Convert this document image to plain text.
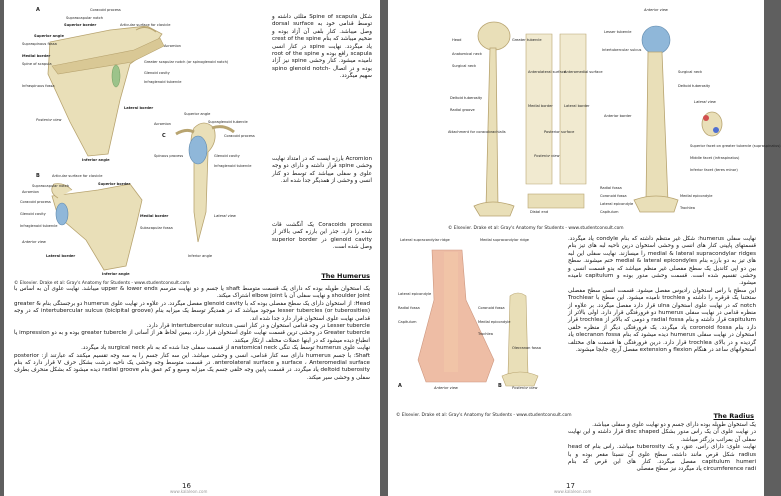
A	Coracoid process
Suprascapular notch
Superior border	Articular surface for clavicle
Superior angle
Supraspinous fossa
Medial border
Spine of scapula
Acromion
Greater scapular notch (or spinoglenoid notch)
Glenoid cavity
Infraglenoid tubercle
Infraspinous fossa
Lateral border
Posterior view
Inferior angle
C
Superior angle
Supraglenoid tubercle
Acromion
Coracoid process
Spinous process	Glenoid cavity
Infraglenoid tubercle
Lateral view
Inferior angle
B	Articular surface for clavicle
Superior border
Acromion
Suprascapular notch
Coracoid process
Glenoid cavity
Infraglenoid tubercle
Medial border
Subscapular fossa
Lateral border
Anterior view
Inferior angle
© Elsevier. Drake et al: Gray's Anatomy for Students - www.studentconsult.com
شکل Spine of scapula مثلثی داشته و توسط قدامی خود به dorsal surface وصل میباشد. کنار بلفی آن آزاد بوده و ضخیم میباشد که بنام crest of the spine یاد میگردد. نهایت spine در کنار انسی scapula رافع بوده و root of the spine نامیده میشود. کنار وحشی spine نیز آزاد بوده و در اتصال -spino glenoid notch سهیم میگردد.
Acromion بارزه ایست که در امتداد نهایت وحشی spine قرار داشته و دارای دو وجه علوی و سفلی میباشد که توسط دو کنار انسی و وحشی از همدیگر جدا شده اند.
Coracoids process یک آنگشت قات شده را دارد. جذر این بارزه کمی بالاتر از glenoid cavity در superior border وصل شده است.
The Humerus

یک استخوان طویله بوده که دارای یک قسمت متوسط shaft یا جسم و دو نهایت مترسم upper & lower ends میباشد. نهایت علوی آن به اساس با shoulder joint و نهایت سفلی آن با elbow joint اشتراک میکند.

Head: از استخوان دارای یک سطح مفصلی بوده که با glenoid cavity مفصل میگردد. در علاوه در نهایت علوی humerus دو برجستگی بنام greater & lesser tubercles (or tuberosities) موجود میباشد که در همدیگر توسط یک میزابه بنام intertubercular sulcus (bicipital groove) که در وجه قدامی نهایت علوی استخوان قرار دارد جدا شده اند.

Lesser tubercle در وجه قدامی استخوان و در کنار انسی intertubercular sulcus قرار دارد.

Greater tubercle در وحشی ترین قسمت نهایت علوی استخوان قرار دارد، بیمین لحاظ هر از آسانی از greater tubercle بوده و به دو impression یا انطباع دیده میشود که در اینها عضلات مختلف ارتکاز میکنند.

نهایت علوی humerus توسط یک تنگی anatomical neck از قسمت سفلی جدا شده که به نام surgical neck یاد میگردد.

Shaft: با جسم humerus دارای سه کنار قدامی، انسی و وحشی میباشد. این سه کنار جسم را به سه وجه تقسیم میکنند که عبارتند از: posterior surface ، Anteromedial surface و anterolateral surface. در قسمت متوسط وجه وحشی یک ناحیه درشت بشکل حرف V قرار دارد که بنام deltoid tuberosity یاد میگردد. در قسمت پایین وجه خلفی جسم یک میزابه وسیع و کم عمق بنام radial groove دیده میشود که بشکل منحرف بطرف سفلی و وحشی سیر میکند.

16
www.kalaleon.com
Head	Greater tubercle
Anatomical neck
Surgical neck
Anterolateral surface
Anteromedial surface
Deltoid tuberosity
Radial groove
Attachment for coracobrachialis
Medial border	Lateral border
Posterior surface
Posterior view
Distal end
Lesser tubercle
Intertubercular sulcus
Anterior border
Radial fossa
Coronoid fossa
Lateral epicondyle
Capitulum
Medial epicondyle
Trochlea
Anterior view
Surgical neck
Deltoid tuberosity
Lateral view
Superior facet on greater tubercle (supraspinatus)
Middle facet (infraspinatus)
Inferior facet (teres minor)
© Elsevier. Drake et al: Gray's Anatomy for Students - www.studentconsult.com

نهایت سفلی humerus: شکل غیر منتظم داشته که بنام condyle یاد میگردد. قسمتهای پایینی کنار های انسی و وحشی استخوان درین ناحیه لبه های تیز بنام medial & lateral supracondylar ridges را میسازند. نهایت سفلی این لبه های تیز به دو بارزه بنام medial & lateral epicondyles ختم میشوند. سطح بین دو اپی کاندیل یک سطح مفصلی غیر منظم میباشد که بدو قسمت انسی و وحشی تقسیم شده است. قسمت وحشی مدور بوده و capitulum نامیده میشود.

این سطح با راس استخوان رادیوس مفصل میشود. قسمت انسی سطح مفصلی ستحننا یک قرقره را داشته و trochlea نامیده میشود. این سطح با Trochlear notch که در نهایت علوی استخوان ulna قرار دارد مفصل میگردد. بر علاوه از منظره قدامی در نهایت سفلی humerus دو فرورفتگی قرار دارد. اولی بالاتر از capitulum قرار داشته و بنام radial fossa و دومی که بالاتر از trochlea قرار دارد بنام coronoid fossa یاد میگردد. یک فرورفتگی دیگر از منظره خلفی استخوان در نهایت سفلی humerus دیده میشود که بنام olecranon fossa یاد گردیده و در بالای trochlea قرار دارد. درین فرورفتگی ها قسمت های مختلف استخوانهای ساعد در هنگام flexion و extension مفصل آرنج، جابجا میشوند.

Lateral supracondylar ridge	Medial supracondylar ridge
Lateral epicondyle
Radial fossa
Capitulum
Coronoid fossa
Medial epicondyle
Trochlea
A	Anterior view	B
Olecranon fossa
Posterior view
© Elsevier. Drake et al: Gray's Anatomy for Students - www.studentconsult.com	The Radius

یک استخوان طویله بوده دارای جسم و دو نهایت علوی و سفلی میباشد.

در نهایت علوی آن یک راس مدور بشکل disc shaped قرار داشته و این نهایت سفلی آن بمراتب بزرگتر میباشد.

نهایت علوی: دارای راس، عنق، و یک tuberosity میباشد. راس بنام head of radius شکل قرص مانند داشته، سطح علوی آن نسبتا مقعر بوده و با capitulum humeri مفصل میگردد. کنار های این قرص که بنام circumference radi یاد میگردد نیز سطح مفصلی

17
www.kalaleon.com
